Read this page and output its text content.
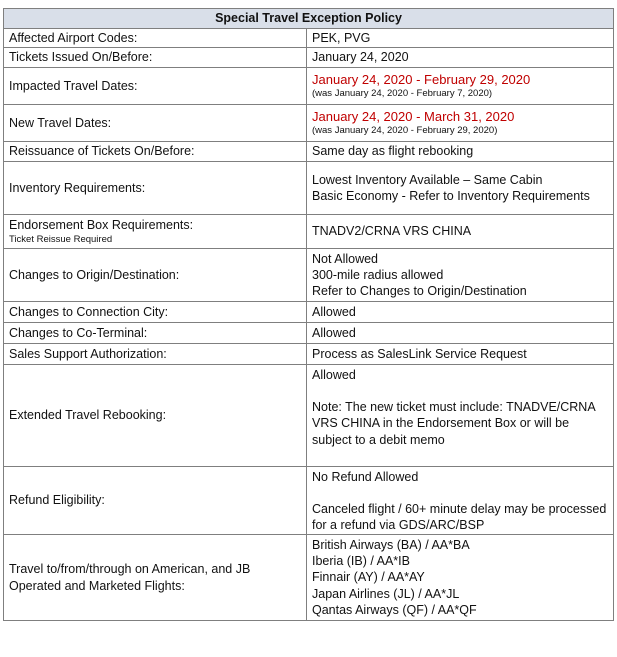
Special Travel Exception Policy	
Affected Airport Codes:	PEK, PVG
Tickets Issued On/Before:	January 24, 2020
Impacted Travel Dates:	January 24, 2020 - February 29, 2020
(was January 24, 2020 - February 7, 2020)

New Travel Dates:	January 24, 2020 - March 31, 2020
(was January 24, 2020 - February 29, 2020)

Reissuance of Tickets On/Before:	Same day as flight rebooking
Inventory Requirements:	Lowest Inventory Available – Same Cabin
Basic Economy - Refer to Inventory Requirements

Endorsement Box Requirements:
Ticket Reissue Required	TNADV2/CRNA VRS CHINA
Changes to Origin/Destination:	Not Allowed
300-mile radius allowed
Refer to Changes to Origin/Destination

Changes to Connection City:	Allowed
Changes to Co-Terminal:	Allowed
Sales Support Authorization:	Process as SalesLink Service Request
Extended Travel Rebooking:	Allowed
Note: The new ticket must include: TNADVE/CRNA VRS CHINA in the Endorsement Box or will be subject to a debit memo

Refund Eligibility:	No Refund Allowed
Canceled flight / 60+ minute delay may be processed for a refund via GDS/ARC/BSP

Travel to/from/through on American, and JB Operated and Marketed Flights:	British Airways (BA) / AA*BA
Iberia (IB) / AA*IB
Finnair (AY) / AA*AY
Japan Airlines (JL) / AA*JL
Qantas Airways (QF) / AA*QF
